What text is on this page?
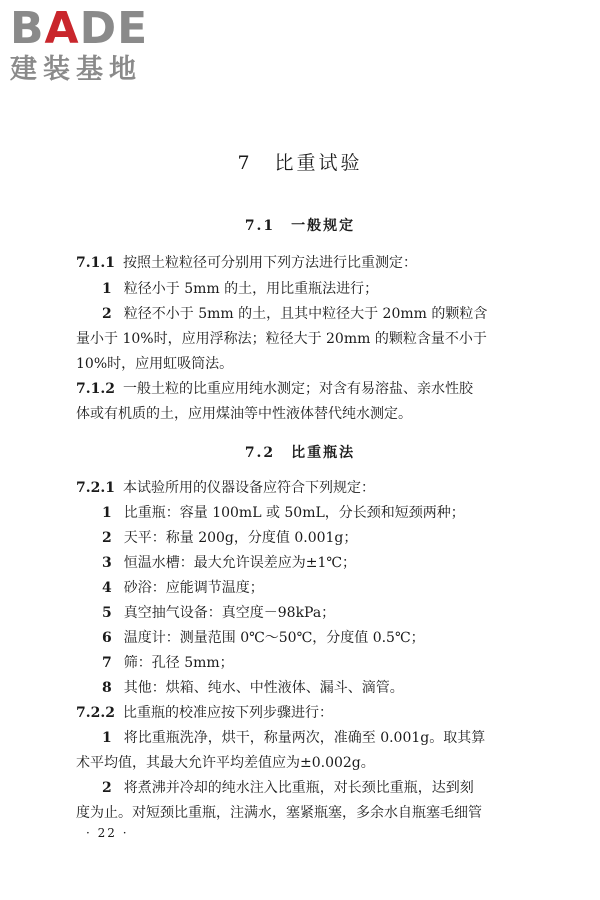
BADE
建装基地
7 比重试验
7.1 一般规定
7.1.1 按照土粒粒径可分别用下列方法进行比重测定：
1 粒径小于 5mm 的土，用比重瓶法进行；
2 粒径不小于 5mm 的土，且其中粒径大于 20mm 的颗粒含
量小于 10%时，应用浮称法；粒径大于 20mm 的颗粒含量不小于
10%时，应用虹吸筒法。
7.1.2 一般土粒的比重应用纯水测定；对含有易溶盐、亲水性胶
体或有机质的土，应用煤油等中性液体替代纯水测定。
7.2 比重瓶法
7.2.1 本试验所用的仪器设备应符合下列规定：
1 比重瓶：容量 100mL 或 50mL，分长颈和短颈两种；
2 天平：称量 200g，分度值 0.001g；
3 恒温水槽：最大允许误差应为±1℃；
4 砂浴：应能调节温度；
5 真空抽气设备：真空度－98kPa；
6 温度计：测量范围 0℃～50℃，分度值 0.5℃；
7 筛：孔径 5mm；
8 其他：烘箱、纯水、中性液体、漏斗、滴管。
7.2.2 比重瓶的校准应按下列步骤进行：
1 将比重瓶洗净，烘干，称量两次，准确至 0.001g。取其算
术平均值，其最大允许平均差值应为±0.002g。
2 将煮沸并冷却的纯水注入比重瓶，对长颈比重瓶，达到刻
度为止。对短颈比重瓶，注满水，塞紧瓶塞，多余水自瓶塞毛细管
· 22 ·
